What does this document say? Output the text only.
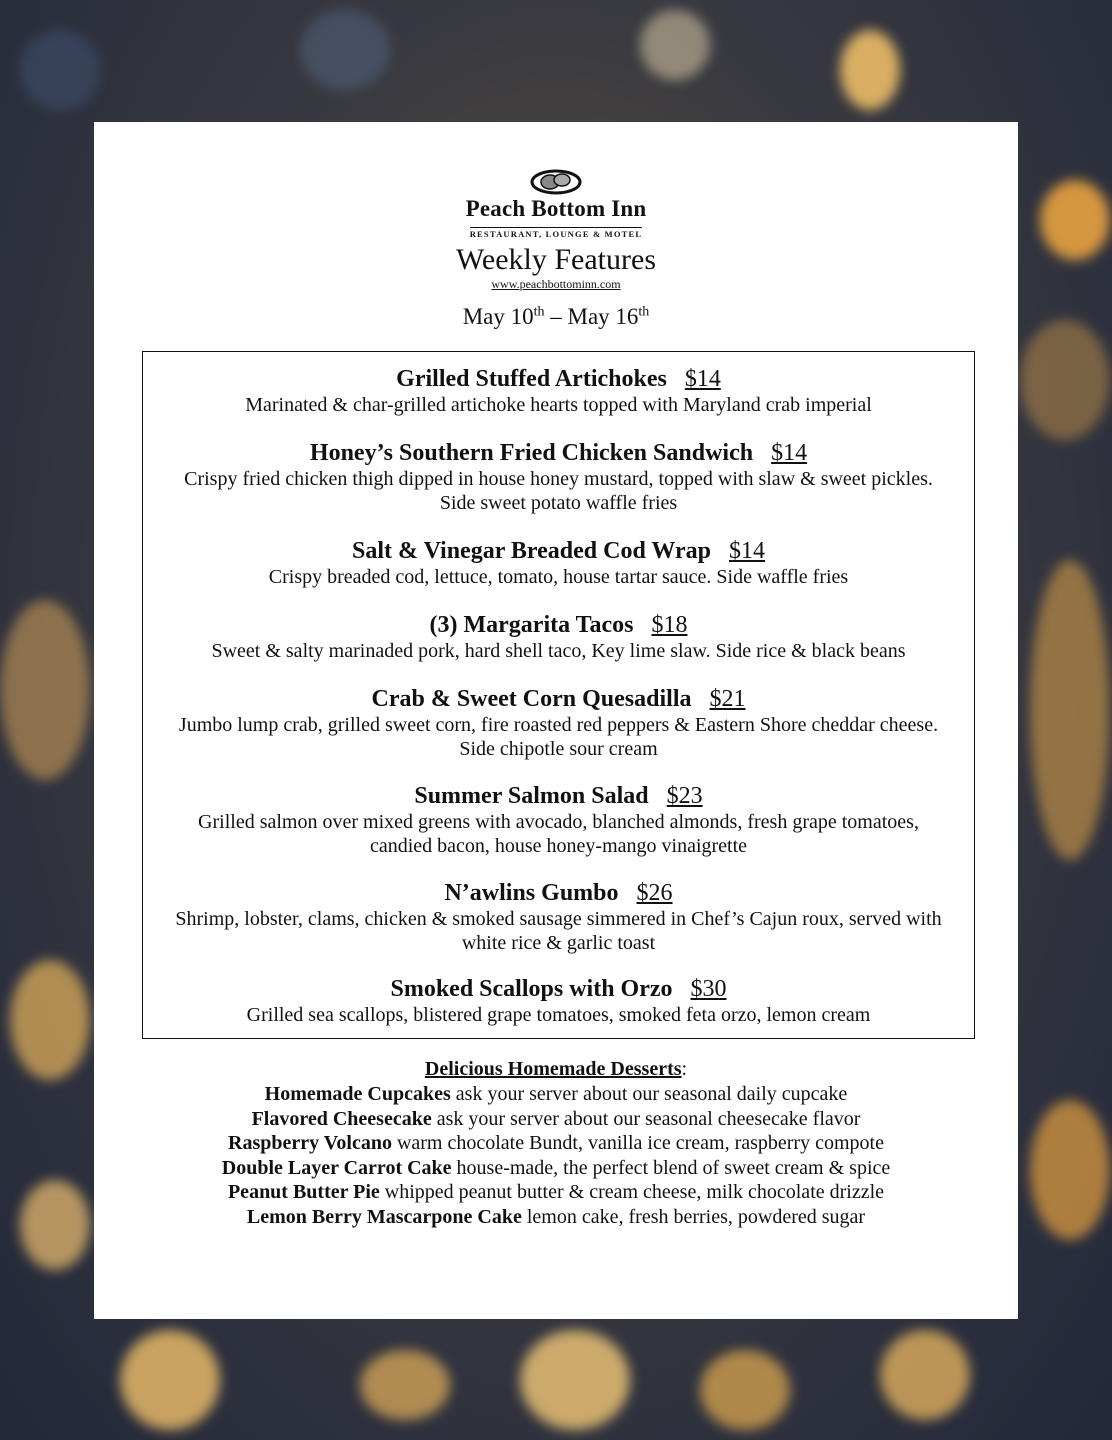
Peach Bottom Inn
RESTAURANT, LOUNGE & MOTEL
Weekly Features
www.peachbottominn.com
May 10th – May 16th
Grilled Stuffed Artichokes $14
Marinated & char-grilled artichoke hearts topped with Maryland crab imperial
Honey’s Southern Fried Chicken Sandwich $14
Crispy fried chicken thigh dipped in house honey mustard, topped with slaw & sweet pickles.
Side sweet potato waffle fries
Salt & Vinegar Breaded Cod Wrap $14
Crispy breaded cod, lettuce, tomato, house tartar sauce. Side waffle fries
(3) Margarita Tacos $18
Sweet & salty marinaded pork, hard shell taco, Key lime slaw. Side rice & black beans
Crab & Sweet Corn Quesadilla $21
Jumbo lump crab, grilled sweet corn, fire roasted red peppers & Eastern Shore cheddar cheese.
Side chipotle sour cream
Summer Salmon Salad $23
Grilled salmon over mixed greens with avocado, blanched almonds, fresh grape tomatoes,
candied bacon, house honey-mango vinaigrette
N’awlins Gumbo $26
Shrimp, lobster, clams, chicken & smoked sausage simmered in Chef’s Cajun roux, served with
white rice & garlic toast
Smoked Scallops with Orzo $30
Grilled sea scallops, blistered grape tomatoes, smoked feta orzo, lemon cream
Delicious Homemade Desserts:
Homemade Cupcakes ask your server about our seasonal daily cupcake
Flavored Cheesecake ask your server about our seasonal cheesecake flavor
Raspberry Volcano warm chocolate Bundt, vanilla ice cream, raspberry compote
Double Layer Carrot Cake house-made, the perfect blend of sweet cream & spice
Peanut Butter Pie whipped peanut butter & cream cheese, milk chocolate drizzle
Lemon Berry Mascarpone Cake lemon cake, fresh berries, powdered sugar
